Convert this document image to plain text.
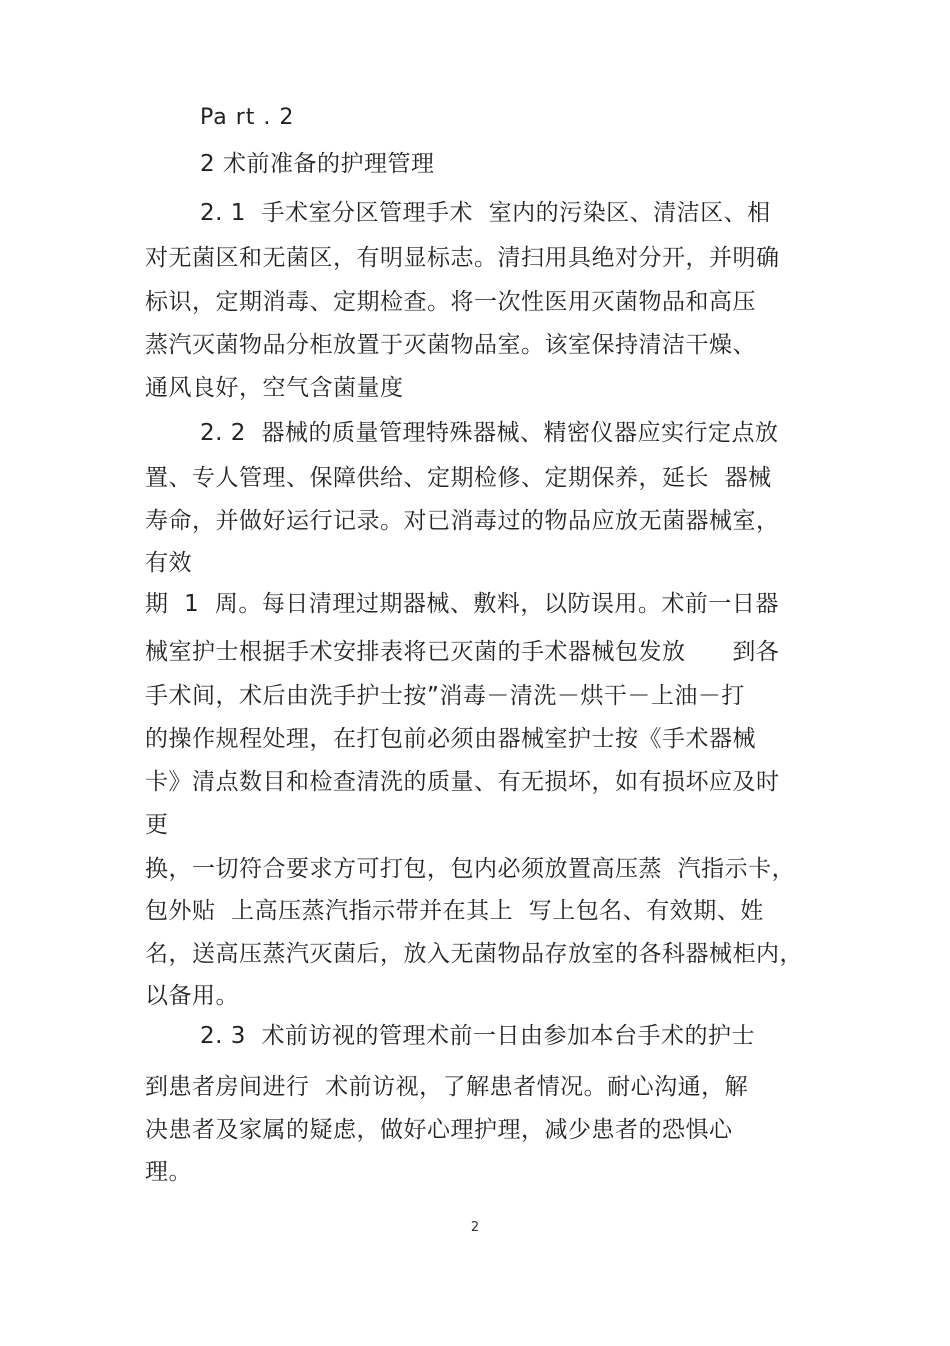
Pa rt . 2
2 术前准备的护理管理
2. 1  手术室分区管理手术  室内的污染区、清洁区、相
对无菌区和无菌区，有明显标志。清扫用具绝对分开，并明确
标识，定期消毒、定期检查。将一次性医用灭菌物品和高压
蒸汽灭菌物品分柜放置于灭菌物品室。该室保持清洁干燥、
通风良好，空气含菌量度
2. 2  器械的质量管理特殊器械、精密仪器应实行定点放
置、专人管理、保障供给、定期检修、定期保养，延长  器械
寿命，并做好运行记录。对已消毒过的物品应放无菌器械室，
有效
期  1  周。每日清理过期器械、敷料，以防误用。术前一日器
械室护士根据手术安排表将已灭菌的手术器械包发放      到各
手术间，术后由洗手护士按”消毒－清洗－烘干－上油－打
的操作规程处理，在打包前必须由器械室护士按《手术器械
卡》清点数目和检查清洗的质量、有无损坏，如有损坏应及时
更
换，一切符合要求方可打包，包内必须放置高压蒸  汽指示卡，
包外贴  上高压蒸汽指示带并在其上  写上包名、有效期、姓
名，送高压蒸汽灭菌后，放入无菌物品存放室的各科器械柜内，
以备用。
2. 3  术前访视的管理术前一日由参加本台手术的护士
到患者房间进行  术前访视，了解患者情况。耐心沟通，解
决患者及家属的疑虑，做好心理护理，减少患者的恐惧心
理。
2
